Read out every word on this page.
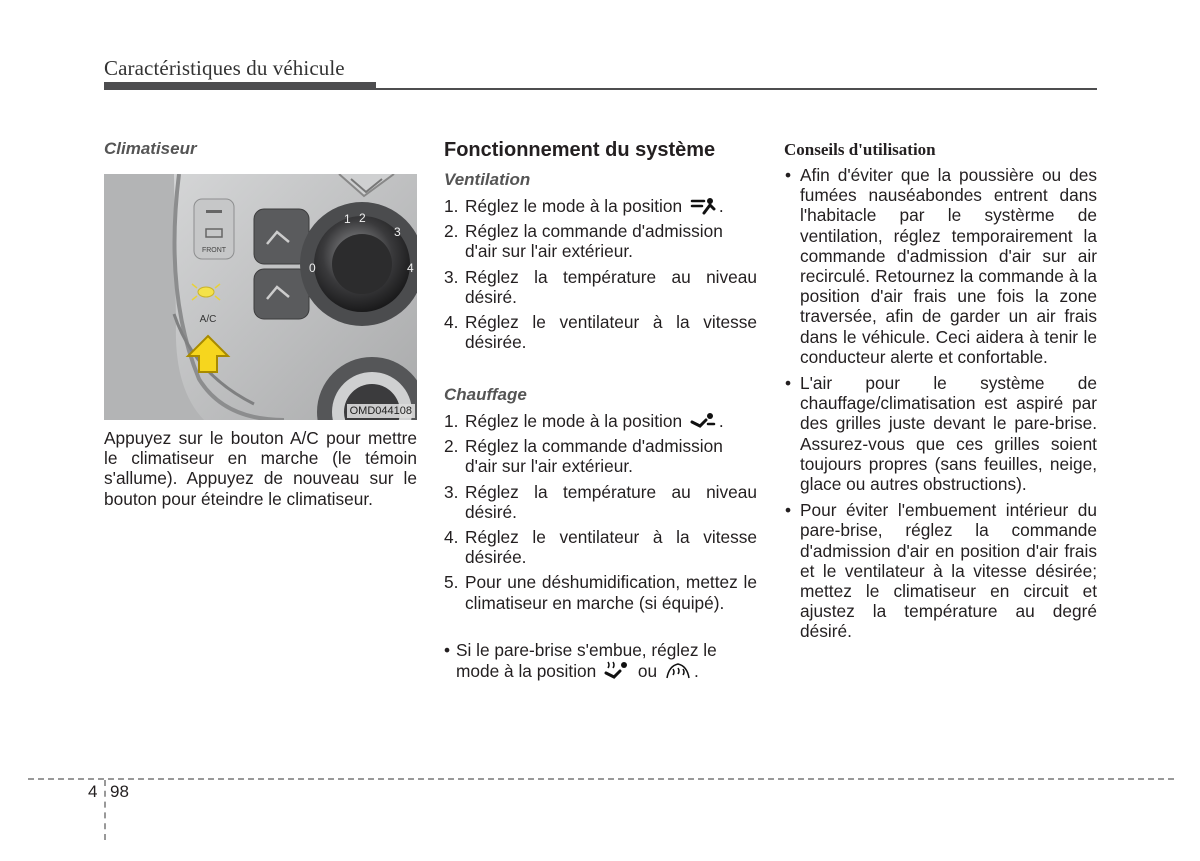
Caractéristiques du véhicule
Climatiseur
FRONT
1 2
3
4
0
A/C
OMD044108
Appuyez sur le bouton A/C pour mettre le climatiseur en marche (le témoin s'allume). Appuyez de nouveau sur le bouton pour éteindre le climatiseur.
Fonctionnement du système
Ventilation
1. Réglez le mode à la position .
2. Réglez la commande d'admission d'air sur l'air extérieur.
3. Réglez la température au niveau désiré.
4. Réglez le ventilateur à la vitesse désirée.
Chauffage
1. Réglez le mode à la position .
2. Réglez la commande d'admission d'air sur l'air extérieur.
3. Réglez la température au niveau désiré.
4. Réglez le ventilateur à la vitesse désirée.
5. Pour une déshumidification, mettez le climatiseur en marche (si équipé).
• Si le pare-brise s'embue, réglez le mode à la position ou .
Conseils d'utilisation
• Afin d'éviter que la poussière ou des fumées nauséabondes entrent dans l'habitacle par le systèrme de ventilation, réglez temporairement la commande d'admission d'air sur air recirculé. Retournez la commande à la position d'air frais une fois la zone traversée, afin de garder un air frais dans le véhicule. Ceci aidera à tenir le conducteur alerte et confortable.
• L'air pour le système de chauffage/climatisation est aspiré par des grilles juste devant le pare-brise. Assurez-vous que ces grilles soient toujours propres (sans feuilles, neige, glace ou autres obstructions).
• Pour éviter l'embuement intérieur du pare-brise, réglez la commande d'admission d'air en position d'air frais et le ventilateur à la vitesse désirée; mettez le climatiseur en circuit et ajustez la température au degré désiré.
4 98
